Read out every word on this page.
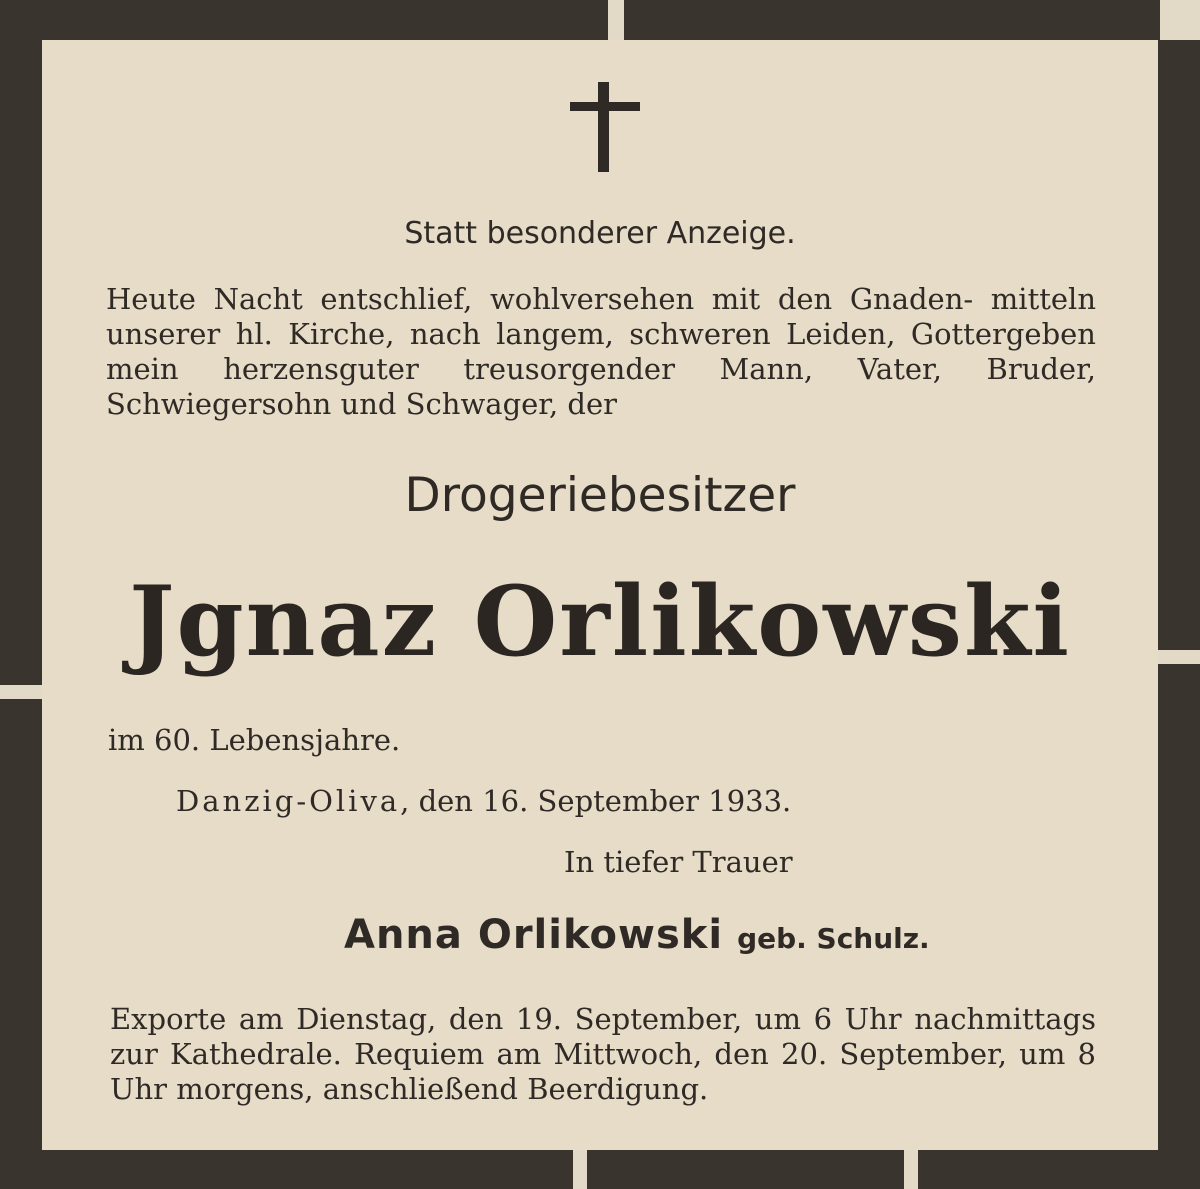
Statt besonderer Anzeige.
Heute Nacht entschlief, wohlversehen mit den Gnaden- mitteln unserer hl. Kirche, nach langem, schweren Leiden, Gottergeben mein herzensguter treusorgender Mann, Vater, Bruder, Schwiegersohn und Schwager, der
Drogeriebesitzer
Jgnaz Orlikowski
im 60. Lebensjahre.
Danzig-Oliva, den 16. September 1933.
In tiefer Trauer
Anna Orlikowski geb. Schulz.
Exporte am Dienstag, den 19. September, um 6 Uhr nachmittags zur Kathedrale. Requiem am Mittwoch, den 20. September, um 8 Uhr morgens, anschließend Beerdigung.
